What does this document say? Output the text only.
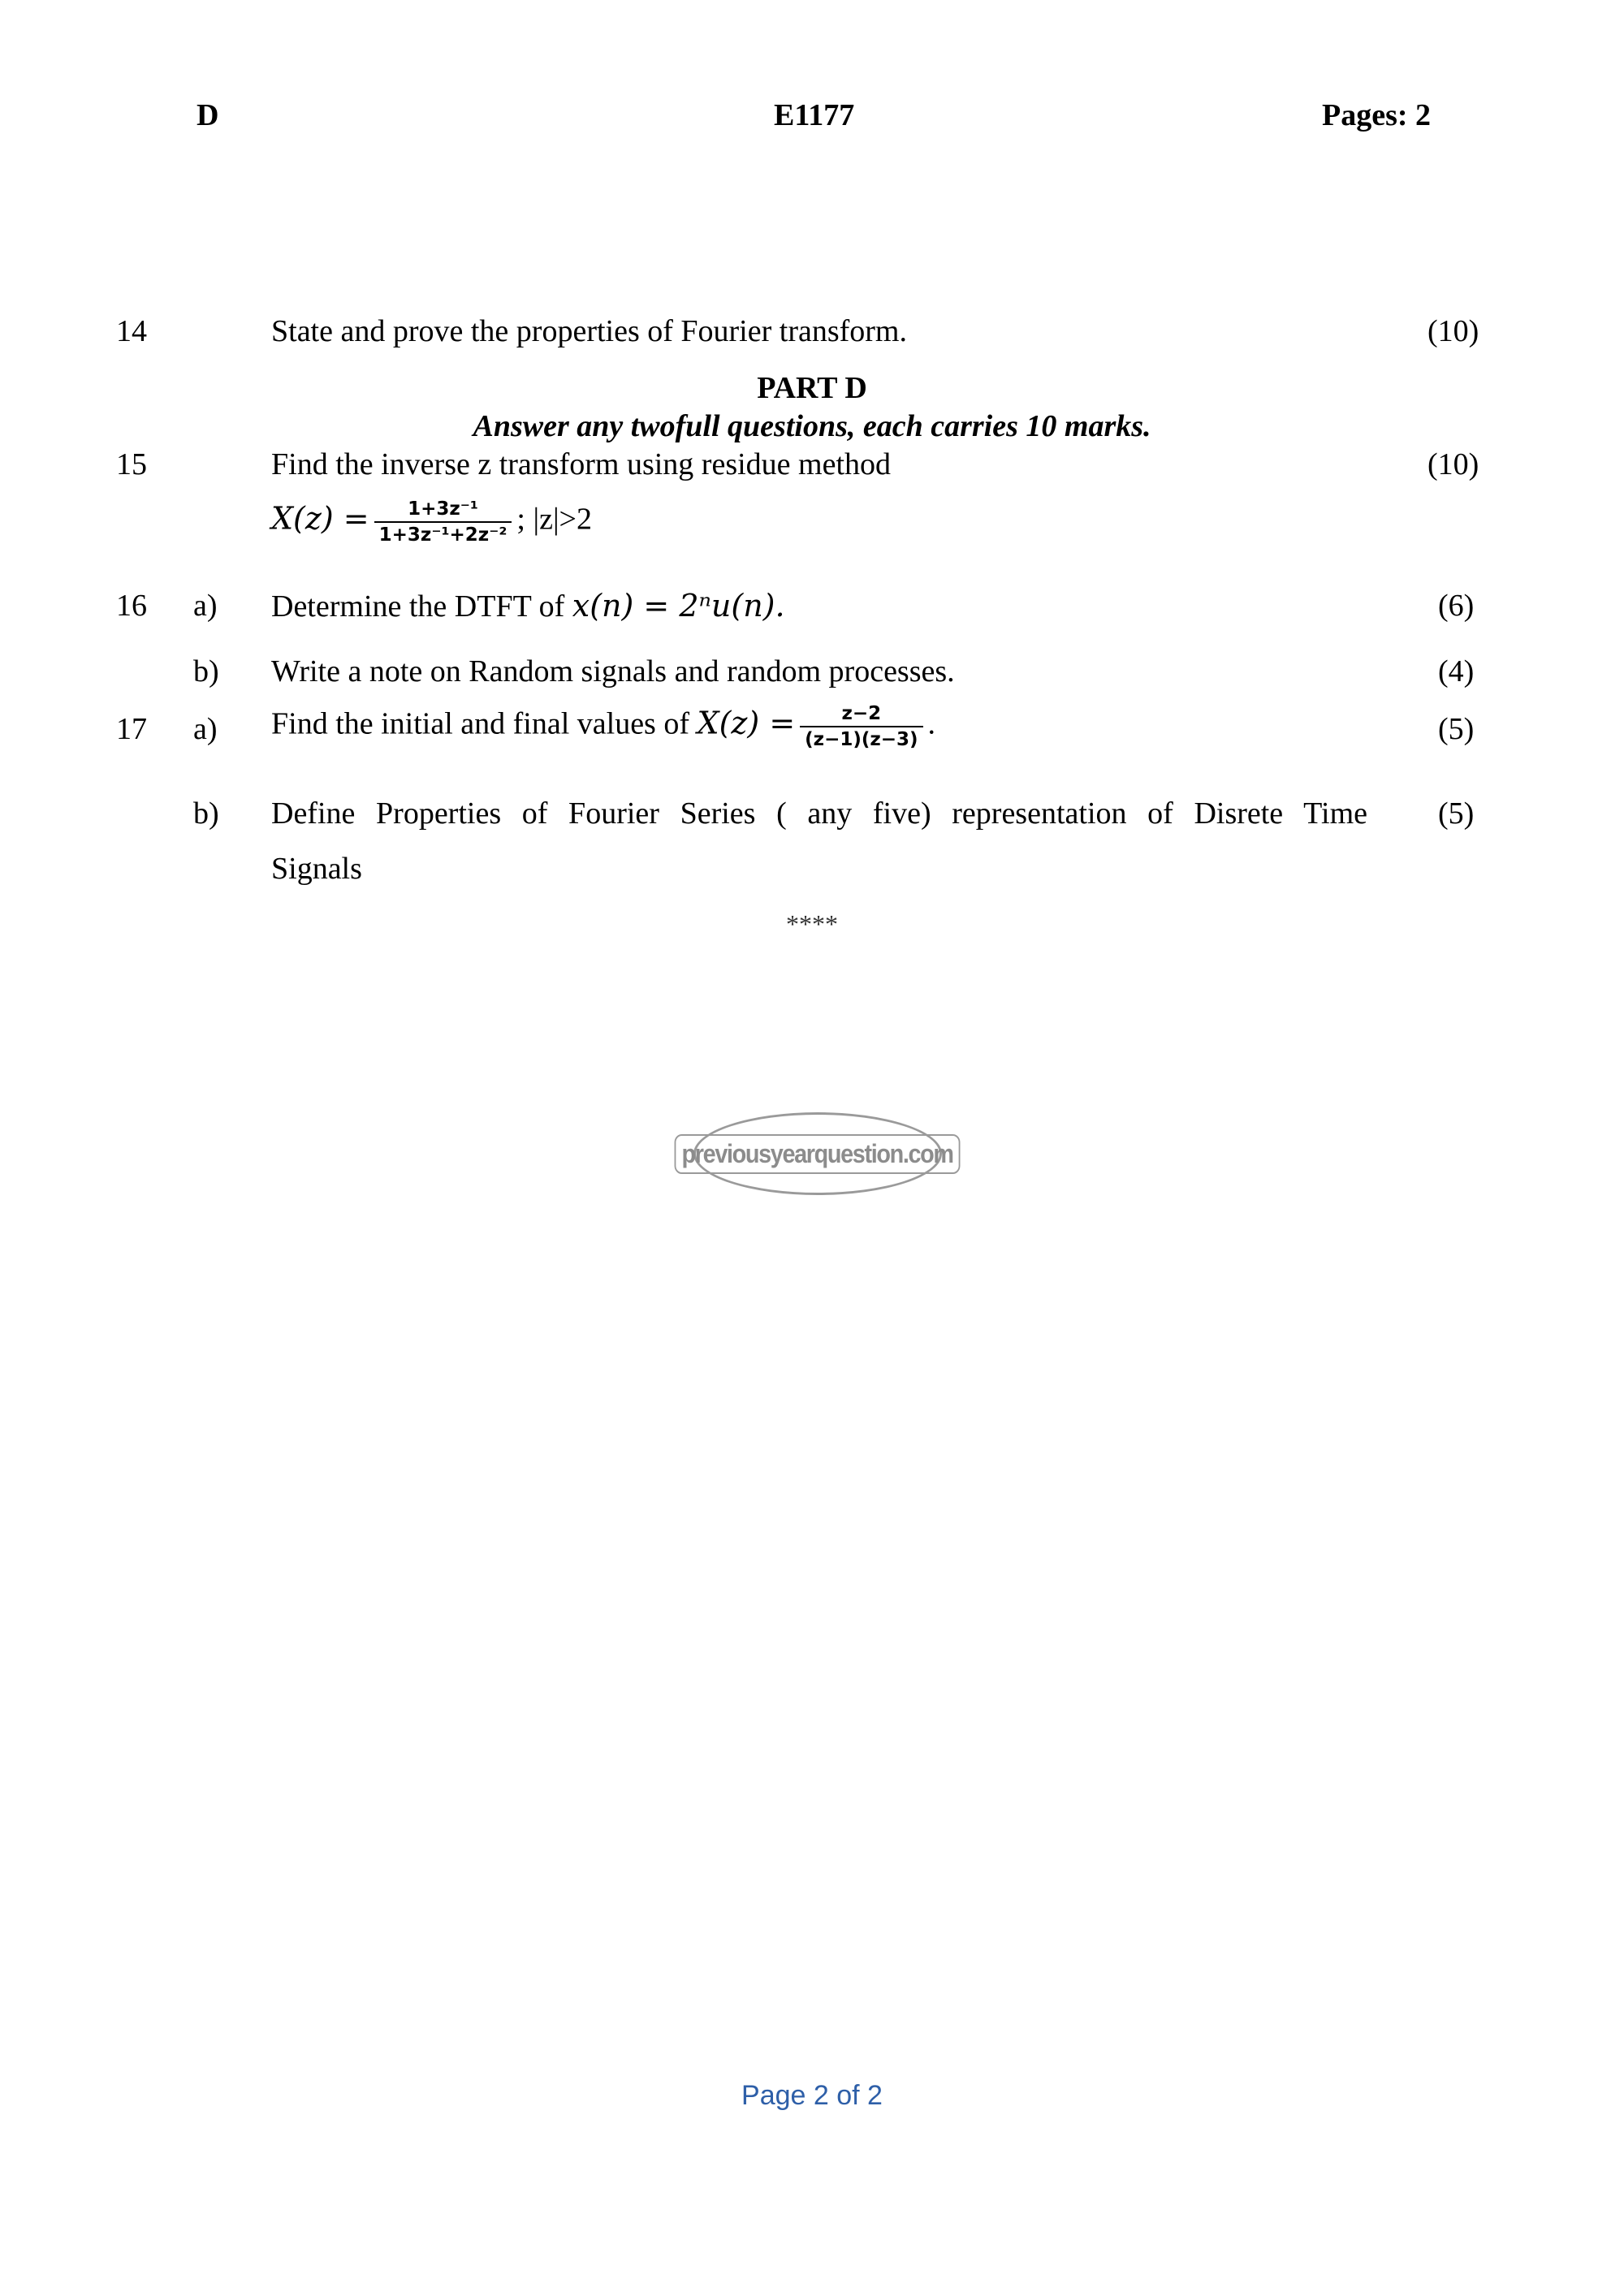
D	E1177	Pages: 2
14	State and prove the properties of Fourier transform.	(10)
PART D
Answer any twofull questions, each carries 10 marks.
15	Find the inverse z transform using residue method	(10)
$X(z) = \frac{\text{1+3z⁻¹}}{\text{1+3z⁻¹+2z⁻²}}$ ; |z|>2
16 a) Determine the DTFT of x(n) = 2ⁿu(n).	(6)
b) Write a note on Random signals and random processes.	(4)
17 a) Find the initial and final values of $X(z) = \frac{z-2}{(z-1)(z-3)}$ .	(5)
b) Define Properties of Fourier Series ( any five) representation of Disrete Time
Signals
(5)
****
previousyearquestion.com
Page 2 of 2
